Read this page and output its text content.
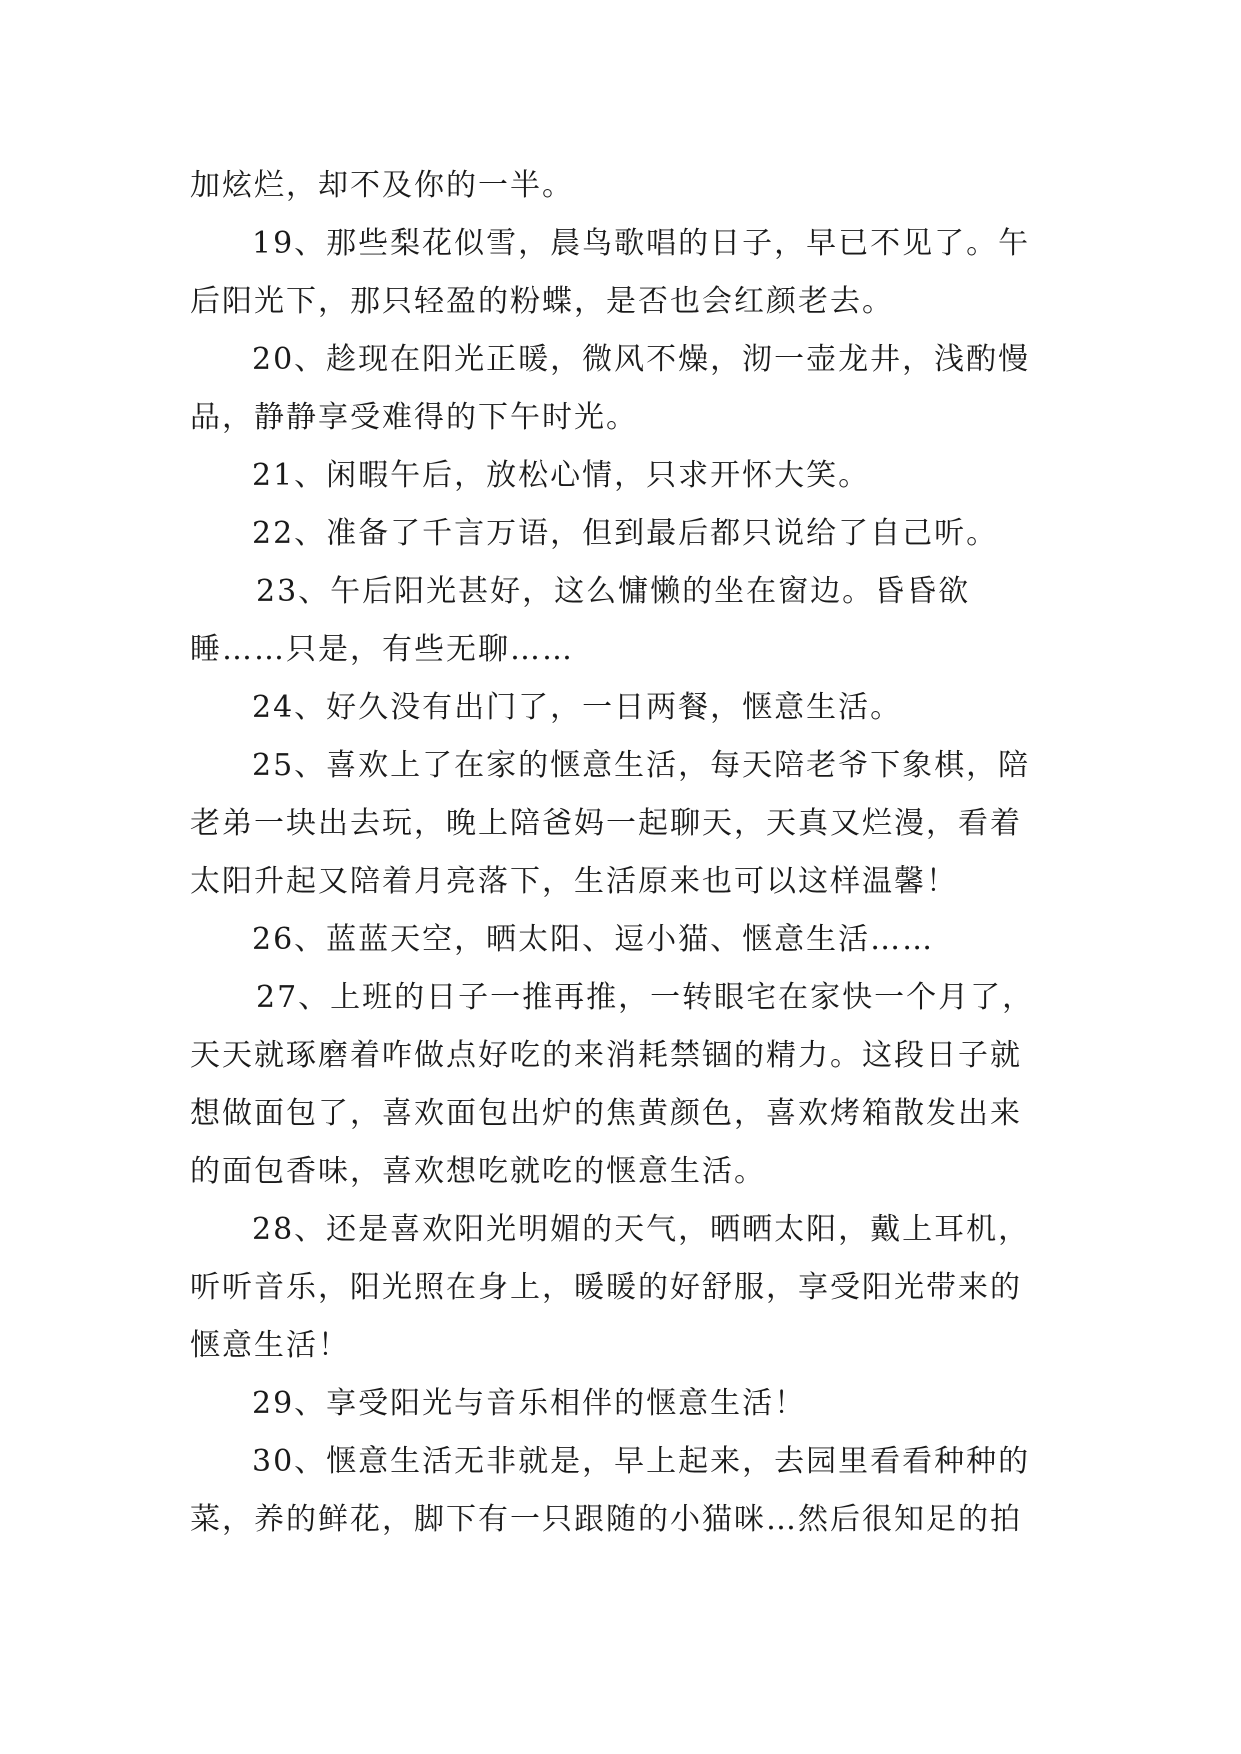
加炫烂，却不及你的一半。
19、那些梨花似雪，晨鸟歌唱的日子，早已不见了。午
后阳光下，那只轻盈的粉蝶，是否也会红颜老去。
20、趁现在阳光正暖，微风不燥，沏一壶龙井，浅酌慢
品，静静享受难得的下午时光。
21、闲暇午后，放松心情，只求开怀大笑。
22、准备了千言万语，但到最后都只说给了自己听。
23、午后阳光甚好，这么慵懒的坐在窗边。昏昏欲
睡……只是，有些无聊……
24、好久没有出门了，一日两餐，惬意生活。
25、喜欢上了在家的惬意生活，每天陪老爷下象棋，陪
老弟一块出去玩，晚上陪爸妈一起聊天，天真又烂漫，看着
太阳升起又陪着月亮落下，生活原来也可以这样温馨！
26、蓝蓝天空，晒太阳、逗小猫、惬意生活……
27、上班的日子一推再推，一转眼宅在家快一个月了，
天天就琢磨着咋做点好吃的来消耗禁锢的精力。这段日子就
想做面包了，喜欢面包出炉的焦黄颜色，喜欢烤箱散发出来
的面包香味，喜欢想吃就吃的惬意生活。
28、还是喜欢阳光明媚的天气，晒晒太阳，戴上耳机，
听听音乐，阳光照在身上，暖暖的好舒服，享受阳光带来的
惬意生活！
29、享受阳光与音乐相伴的惬意生活！
30、惬意生活无非就是，早上起来，去园里看看种种的
菜，养的鲜花，脚下有一只跟随的小猫咪…然后很知足的拍
